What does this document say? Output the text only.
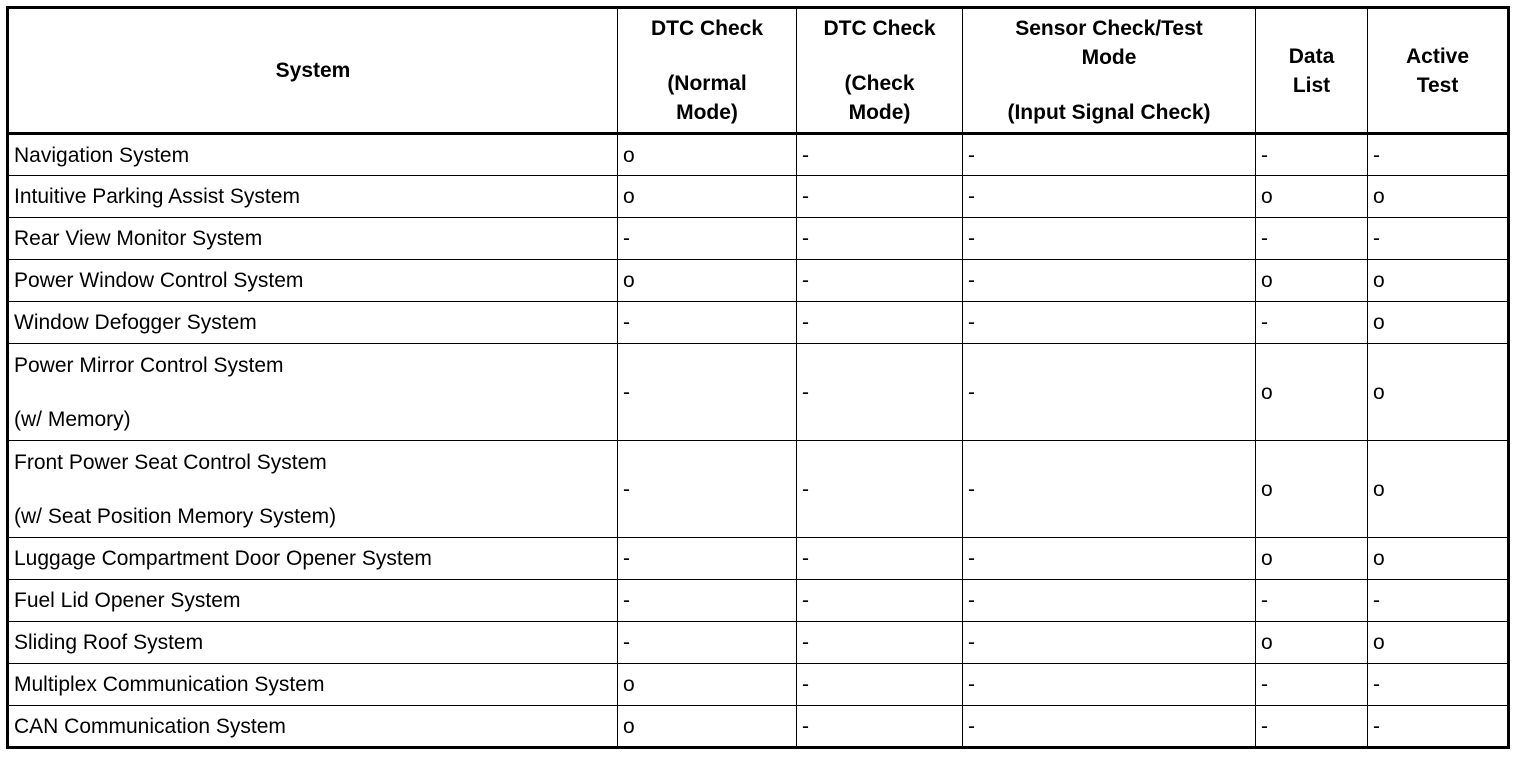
System	DTC Check
(Normal
Mode)	DTC Check
(Check
Mode)	Sensor Check/Test
Mode
(Input Signal Check)	Data
List	Active
Test

Navigation System	o	-	-	-	-

Intuitive Parking Assist System	o	-	-	o	o

Rear View Monitor System	-	-	-	-	-

Power Window Control System	o	-	-	o	o

Window Defogger System	-	-	-	-	o

Power Mirror Control System
(w/ Memory)	-	-	-	o	o

Front Power Seat Control System
(w/ Seat Position Memory System)	-	-	-	o	o

Luggage Compartment Door Opener System	-	-	-	o	o

Fuel Lid Opener System	-	-	-	-	-

Sliding Roof System	-	-	-	o	o

Multiplex Communication System	o	-	-	-	-

CAN Communication System	o	-	-	-	-
